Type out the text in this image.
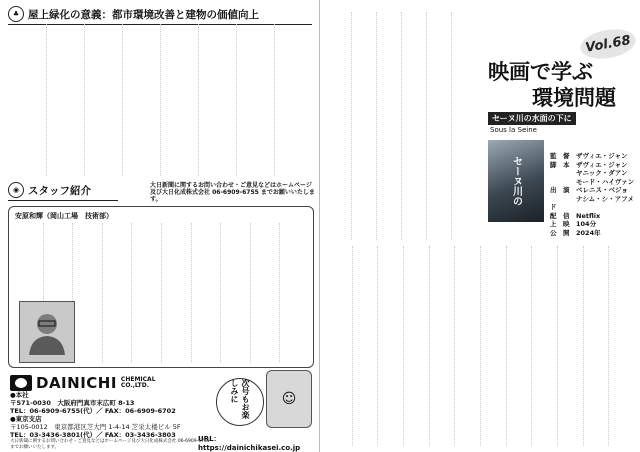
♣ 屋上緑化の意義：都市環境改善と建物の価値向上
◉ スタッフ紹介	大日新聞に関するお問い合わせ・ご意見などはホームページ及び大日化成株式会社 06-6909-6755 までお願いいたします。
安原和輝（岡山工場　技術部）
DAINICHI CHEMICAL CO.,LTD.
●本社
〒571-0030　大阪府門真市末広町 8-13
TEL：06-6909-6755(代）／ FAX：06-6909-6702
●東京支店
〒105-0012　東京都港区芝大門 1-4-14 芝栄太楼ビル 5F
TEL：03-3436-3801(代）／ FAX：03-3436-3803
大日新聞に関するお問い合わせ・ご意見などはホームページ及び大日化成株式会社 06-6909-6755 までお願いいたします。
次号もお楽しみに	☺
URL：https://dainichikasei.co.jp
Vol.68
映画で学ぶ
環境問題
セーヌ川の水面の下に
Sous la Seine
セーヌ川の	監　督 ザヴィエ・ジャン
脚　本 ザヴィエ・ジャン
ヤニック・ダアン
モード・ハイヴァン
出　演 ベレニス・ベジョ
ナシム・シ・アフメド
配　信 Netflix
上　映 104分
公　開 2024年
